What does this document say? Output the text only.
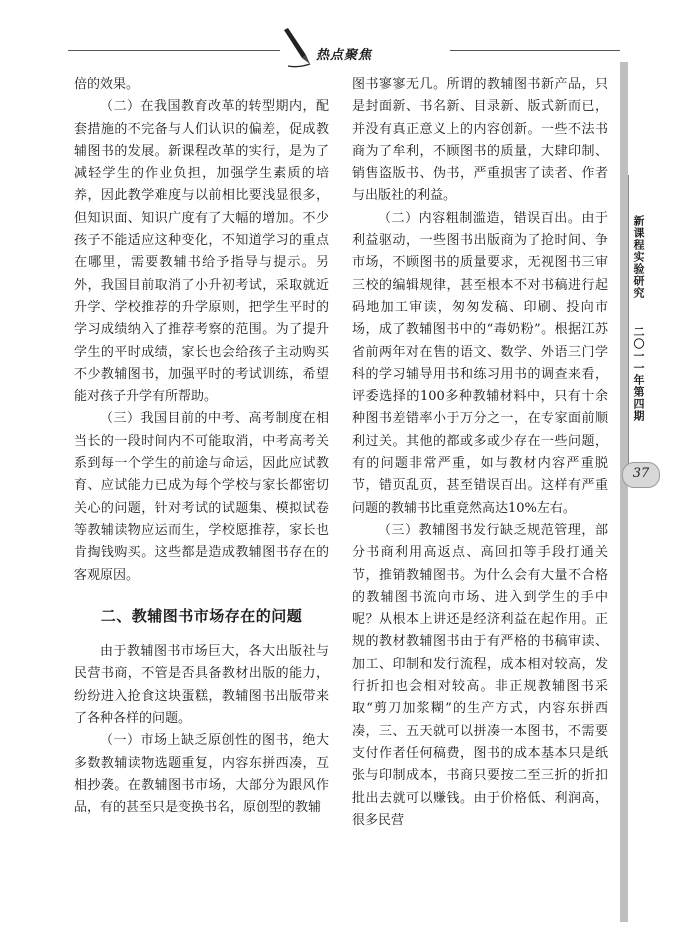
热点聚焦

倍的效果。

（二）在我国教育改革的转型期内，配套措施的不完备与人们认识的偏差，促成教辅图书的发展。新课程改革的实行，是为了减轻学生的作业负担，加强学生素质的培养，因此教学难度与以前相比要浅显很多，但知识面、知识广度有了大幅的增加。不少孩子不能适应这种变化，不知道学习的重点在哪里，需要教辅书给予指导与提示。另外，我国目前取消了小升初考试，采取就近升学、学校推荐的升学原则，把学生平时的学习成绩纳入了推荐考察的范围。为了提升学生的平时成绩，家长也会给孩子主动购买不少教辅图书，加强平时的考试训练，希望能对孩子升学有所帮助。

（三）我国目前的中考、高考制度在相当长的一段时间内不可能取消，中考高考关系到每一个学生的前途与命运，因此应试教育、应试能力已成为每个学校与家长都密切关心的问题，针对考试的试题集、模拟试卷等教辅读物应运而生，学校愿推荐，家长也肯掏钱购买。这些都是造成教辅图书存在的客观原因。

二、教辅图书市场存在的问题

由于教辅图书市场巨大，各大出版社与民营书商，不管是否具备教材出版的能力，纷纷进入抢食这块蛋糕，教辅图书出版带来了各种各样的问题。

（一）市场上缺乏原创性的图书，绝大多数教辅读物选题重复，内容东拼西凑，互相抄袭。在教辅图书市场，大部分为跟风作品，有的甚至只是变换书名，原创型的教辅

图书寥寥无几。所谓的教辅图书新产品，只是封面新、书名新、目录新、版式新而已，并没有真正意义上的内容创新。一些不法书商为了牟利，不顾图书的质量，大肆印制、销售盗版书、伪书，严重损害了读者、作者与出版社的利益。

（二）内容粗制滥造，错误百出。由于利益驱动，一些图书出版商为了抢时间、争市场，不顾图书的质量要求，无视图书三审三校的编辑规律，甚至根本不对书稿进行起码地加工审读，匆匆发稿、印刷、投向市场，成了教辅图书中的“毒奶粉”。根据江苏省前两年对在售的语文、数学、外语三门学科的学习辅导用书和练习用书的调查来看，评委选择的100多种教辅材料中，只有十余种图书差错率小于万分之一，在专家面前顺利过关。其他的都或多或少存在一些问题，有的问题非常严重，如与教材内容严重脱节，错页乱页，甚至错误百出。这样有严重问题的教辅书比重竟然高达10%左右。

（三）教辅图书发行缺乏规范管理，部分书商利用高返点、高回扣等手段打通关节，推销教辅图书。为什么会有大量不合格的教辅图书流向市场、进入到学生的手中呢？从根本上讲还是经济利益在起作用。正规的教材教辅图书由于有严格的书稿审读、加工、印制和发行流程，成本相对较高，发行折扣也会相对较高。非正规教辅图书采取“剪刀加浆糊”的生产方式，内容东拼西凑，三、五天就可以拼凑一本图书，不需要支付作者任何稿费，图书的成本基本只是纸张与印制成本，书商只要按二至三折的折扣批出去就可以赚钱。由于价格低、利润高，很多民营

新课程实验研究
二〇一一年第四期
37
